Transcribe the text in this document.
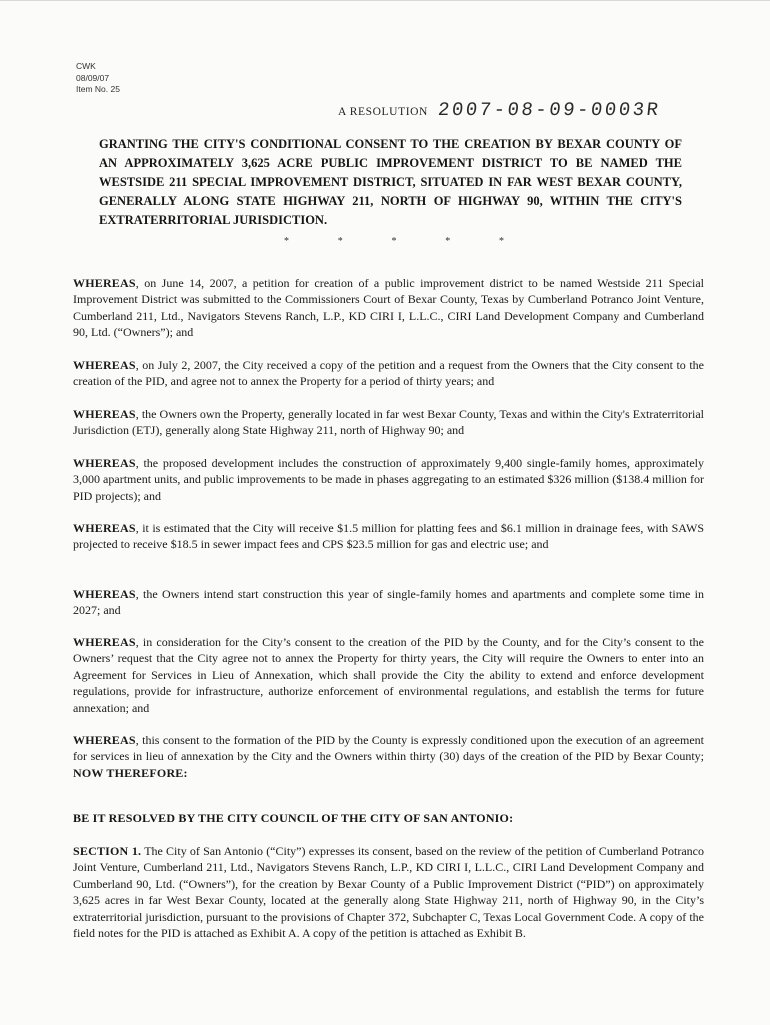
CWK
08/09/07
Item No. 25
A RESOLUTION 2007-08-09-0003R
GRANTING THE CITY'S CONDITIONAL CONSENT TO THE CREATION BY BEXAR COUNTY OF AN APPROXIMATELY 3,625 ACRE PUBLIC IMPROVEMENT DISTRICT TO BE NAMED THE WESTSIDE 211 SPECIAL IMPROVEMENT DISTRICT, SITUATED IN FAR WEST BEXAR COUNTY, GENERALLY ALONG STATE HIGHWAY 211, NORTH OF HIGHWAY 90, WITHIN THE CITY'S EXTRATERRITORIAL JURISDICTION.
*	*	*	*	*

WHEREAS, on June 14, 2007, a petition for creation of a public improvement district to be named Westside 211 Special Improvement District was submitted to the Commissioners Court of Bexar County, Texas by Cumberland Potranco Joint Venture, Cumberland 211, Ltd., Navigators Stevens Ranch, L.P., KD CIRI I, L.L.C., CIRI Land Development Company and Cumberland 90, Ltd. (“Owners”); and

WHEREAS, on July 2, 2007, the City received a copy of the petition and a request from the Owners that the City consent to the creation of the PID, and agree not to annex the Property for a period of thirty years; and

WHEREAS, the Owners own the Property, generally located in far west Bexar County, Texas and within the City's Extraterritorial Jurisdiction (ETJ), generally along State Highway 211, north of Highway 90; and

WHEREAS, the proposed development includes the construction of approximately 9,400 single-family homes, approximately 3,000 apartment units, and public improvements to be made in phases aggregating to an estimated $326 million ($138.4 million for PID projects); and

WHEREAS, it is estimated that the City will receive $1.5 million for platting fees and $6.1 million in drainage fees, with SAWS projected to receive $18.5 in sewer impact fees and CPS $23.5 million for gas and electric use; and

WHEREAS, the Owners intend start construction this year of single-family homes and apartments and complete some time in 2027; and

WHEREAS, in consideration for the City’s consent to the creation of the PID by the County, and for the City’s consent to the Owners’ request that the City agree not to annex the Property for thirty years, the City will require the Owners to enter into an Agreement for Services in Lieu of Annexation, which shall provide the City the ability to extend and enforce development regulations, provide for infrastructure, authorize enforcement of environmental regulations, and establish the terms for future annexation; and

WHEREAS, this consent to the formation of the PID by the County is expressly conditioned upon the execution of an agreement for services in lieu of annexation by the City and the Owners within thirty (30) days of the creation of the PID by Bexar County; NOW THEREFORE:

BE IT RESOLVED BY THE CITY COUNCIL OF THE CITY OF SAN ANTONIO:

SECTION 1. The City of San Antonio (“City”) expresses its consent, based on the review of the petition of Cumberland Potranco Joint Venture, Cumberland 211, Ltd., Navigators Stevens Ranch, L.P., KD CIRI I, L.L.C., CIRI Land Development Company and Cumberland 90, Ltd. (“Owners”), for the creation by Bexar County of a Public Improvement District (“PID”) on approximately 3,625 acres in far West Bexar County, located at the generally along State Highway 211, north of Highway 90, in the City’s extraterritorial jurisdiction, pursuant to the provisions of Chapter 372, Subchapter C, Texas Local Government Code. A copy of the field notes for the PID is attached as Exhibit A. A copy of the petition is attached as Exhibit B.
